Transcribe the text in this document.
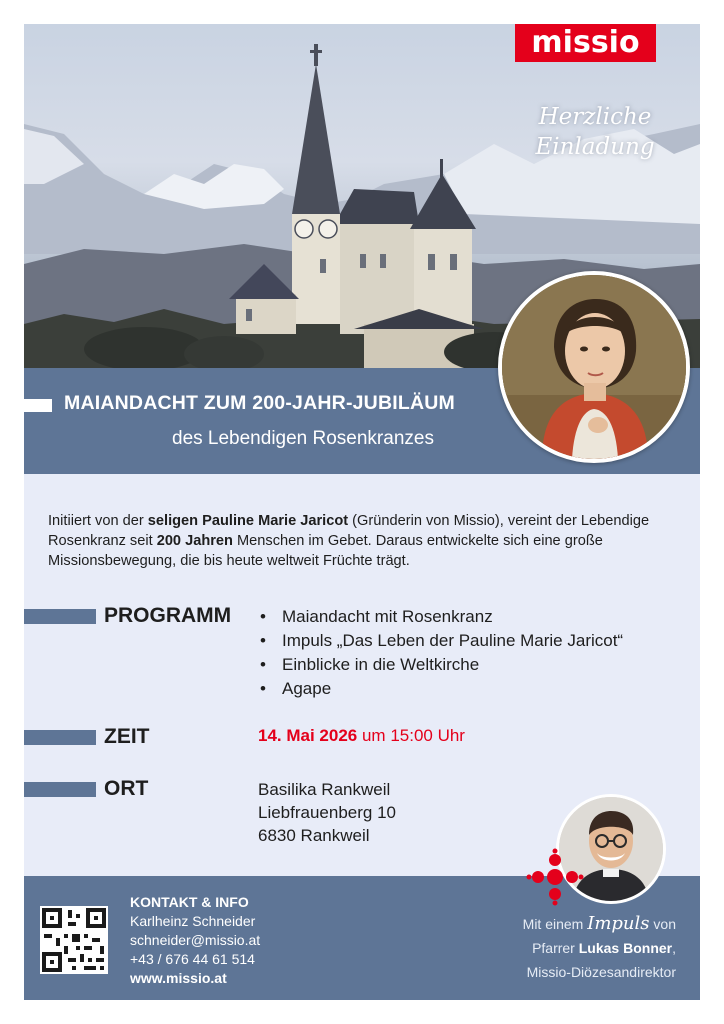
missio
Herzliche
Einladung
MAIANDACHT ZUM 200-JAHR-JUBILÄUM
des Lebendigen Rosenkranzes
Initiiert von der seligen Pauline Marie Jaricot (Gründerin von Missio), vereint der Lebendige Rosenkranz seit 200 Jahren Menschen im Gebet. Daraus entwickelte sich eine große Missionsbewegung, die bis heute weltweit Früchte trägt.
PROGRAMM
•	Maiandacht mit Rosenkranz
• Impuls „Das Leben der Pauline Marie Jaricot“
• Einblicke in die Weltkirche
• Agape
ZEIT	14. Mai 2026 um 15:00 Uhr
ORT	Basilika Rankweil
Liebfrauenberg 10
6830 Rankweil
KONTAKT & INFO
Karlheinz Schneider
schneider@missio.at
+43 / 676 44 61 514
www.missio.at
Mit einem Impuls von
Pfarrer Lukas Bonner,
Missio-Diözesandirektor
